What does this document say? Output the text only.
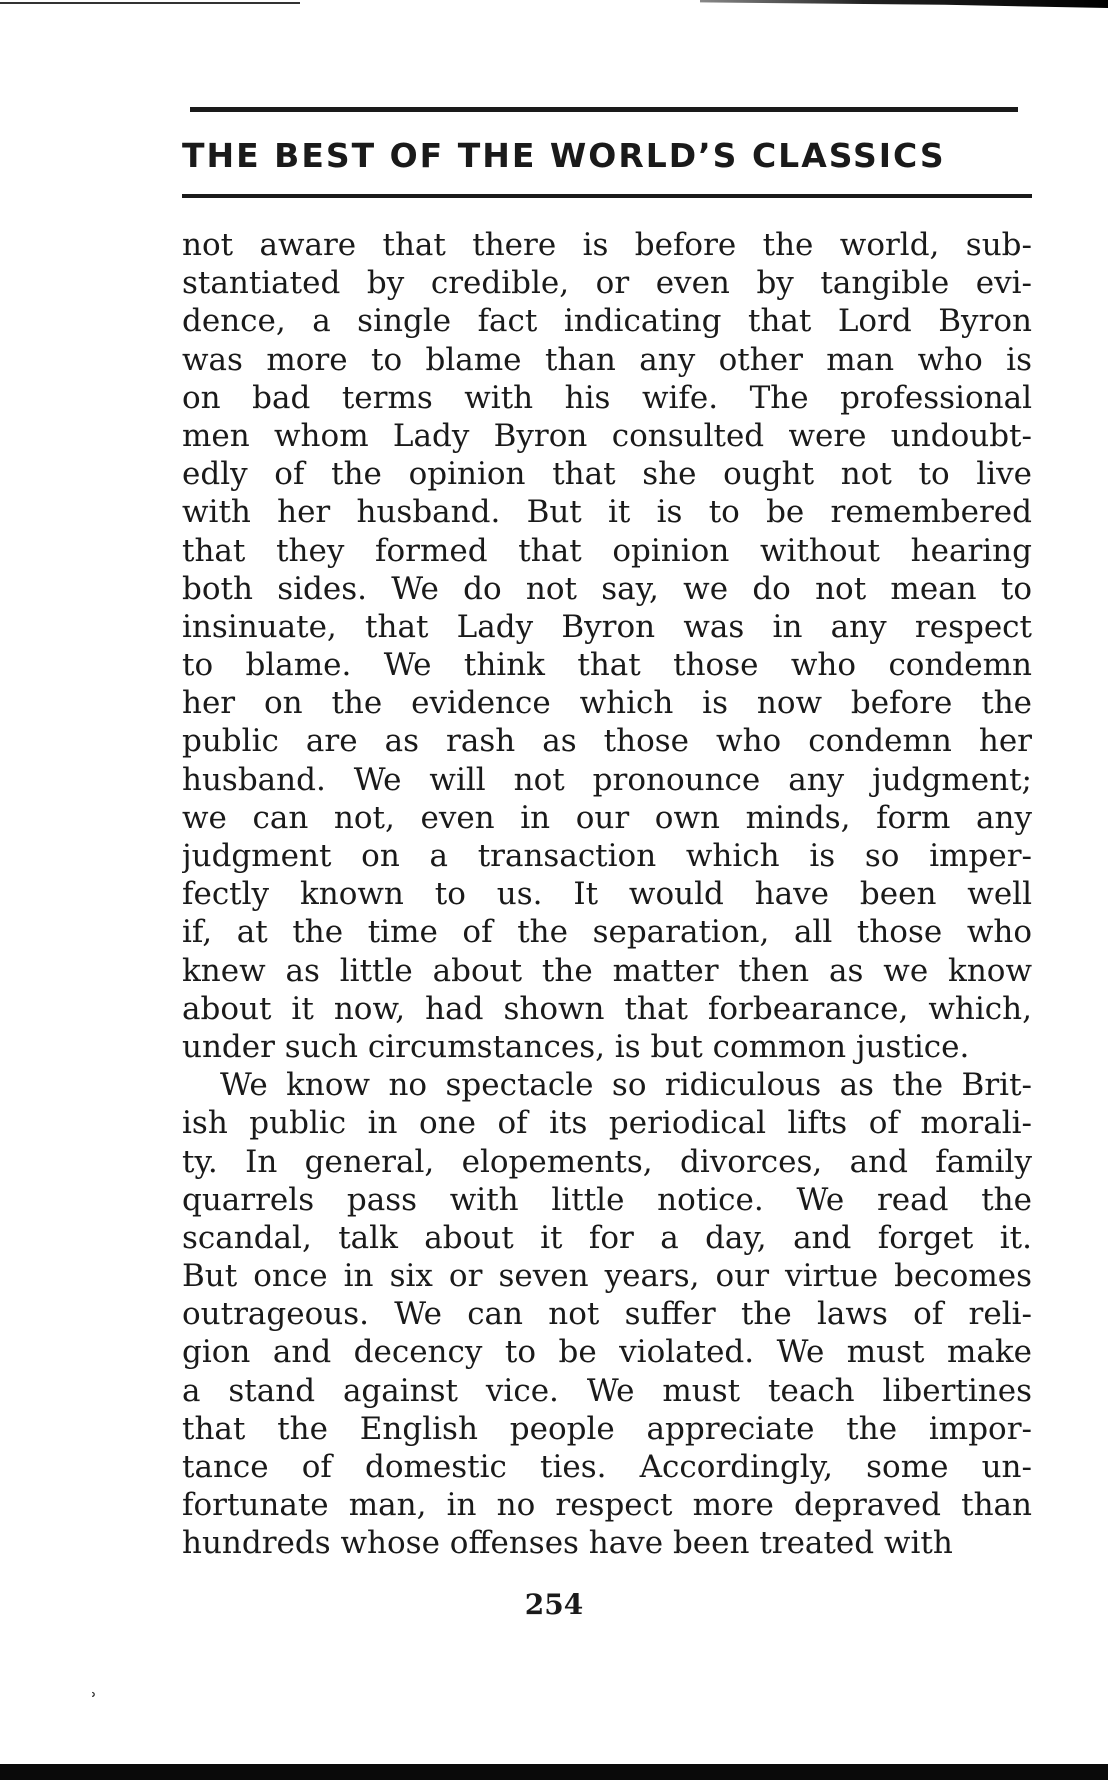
THE BEST OF THE WORLD’S CLASSICS
not aware that there is before the world, sub-
stantiated by credible, or even by tangible evi-
dence, a single fact indicating that Lord Byron
was more to blame than any other man who is
on bad terms with his wife. The professional
men whom Lady Byron consulted were undoubt-
edly of the opinion that she ought not to live
with her husband. But it is to be remembered
that they formed that opinion without hearing
both sides. We do not say, we do not mean to
insinuate, that Lady Byron was in any respect
to blame. We think that those who condemn
her on the evidence which is now before the
public are as rash as those who condemn her
husband. We will not pronounce any judgment;
we can not, even in our own minds, form any
judgment on a transaction which is so imper-
fectly known to us. It would have been well
if, at the time of the separation, all those who
knew as little about the matter then as we know
about it now, had shown that forbearance, which,
under such circumstances, is but common justice.
We know no spectacle so ridiculous as the Brit-
ish public in one of its periodical lifts of morali-
ty. In general, elopements, divorces, and family
quarrels pass with little notice. We read the
scandal, talk about it for a day, and forget it.
But once in six or seven years, our virtue becomes
outrageous. We can not suffer the laws of reli-
gion and decency to be violated. We must make
a stand against vice. We must teach libertines
that the English people appreciate the impor-
tance of domestic ties. Accordingly, some un-
fortunate man, in no respect more depraved than
hundreds whose offenses have been treated with
254
˒
